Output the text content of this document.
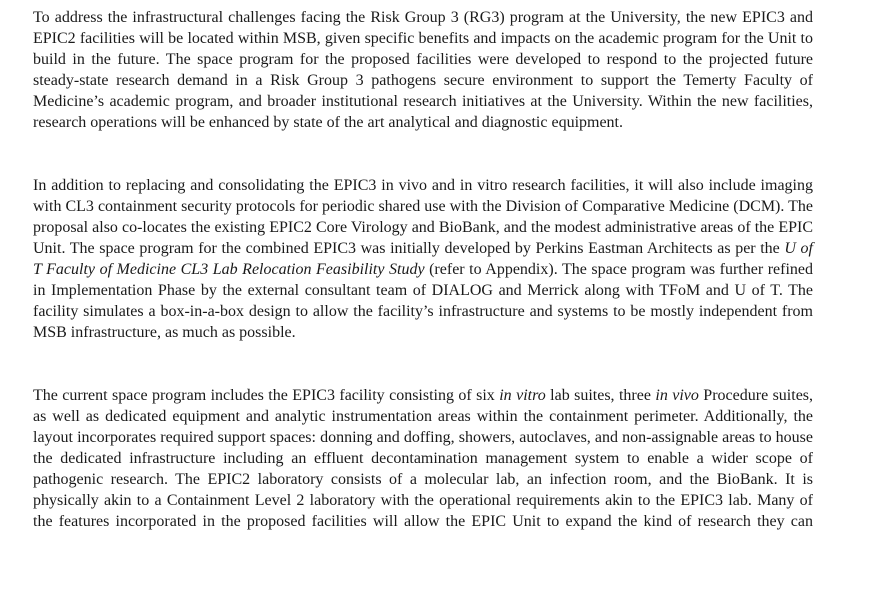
To address the infrastructural challenges facing the Risk Group 3 (RG3) program at the University, the new EPIC3 and EPIC2 facilities will be located within MSB, given specific benefits and impacts on the academic program for the Unit to build in the future. The space program for the proposed facilities were developed to respond to the projected future steady-state research demand in a Risk Group 3 pathogens secure environment to support the Temerty Faculty of Medicine’s academic program, and broader institutional research initiatives at the University. Within the new facilities, research operations will be enhanced by state of the art analytical and diagnostic equipment.

In addition to replacing and consolidating the EPIC3 in vivo and in vitro research facilities, it will also include imaging with CL3 containment security protocols for periodic shared use with the Division of Comparative Medicine (DCM). The proposal also co-locates the existing EPIC2 Core Virology and BioBank, and the modest administrative areas of the EPIC Unit. The space program for the combined EPIC3 was initially developed by Perkins Eastman Architects as per the U of T Faculty of Medicine CL3 Lab Relocation Feasibility Study (refer to Appendix). The space program was further refined in Implementation Phase by the external consultant team of DIALOG and Merrick along with TFoM and U of T. The facility simulates a box-in-a-box design to allow the facility’s infrastructure and systems to be mostly independent from MSB infrastructure, as much as possible.

The current space program includes the EPIC3 facility consisting of six in vitro lab suites, three in vivo Procedure suites, as well as dedicated equipment and analytic instrumentation areas within the containment perimeter. Additionally, the layout incorporates required support spaces: donning and doffing, showers, autoclaves, and non-assignable areas to house the dedicated infrastructure including an effluent decontamination management system to enable a wider scope of pathogenic research. The EPIC2 laboratory consists of a molecular lab, an infection room, and the BioBank. It is physically akin to a Containment Level 2 laboratory with the operational requirements akin to the EPIC3 lab. Many of the features incorporated in the proposed facilities will allow the EPIC Unit to expand the kind of research they can
